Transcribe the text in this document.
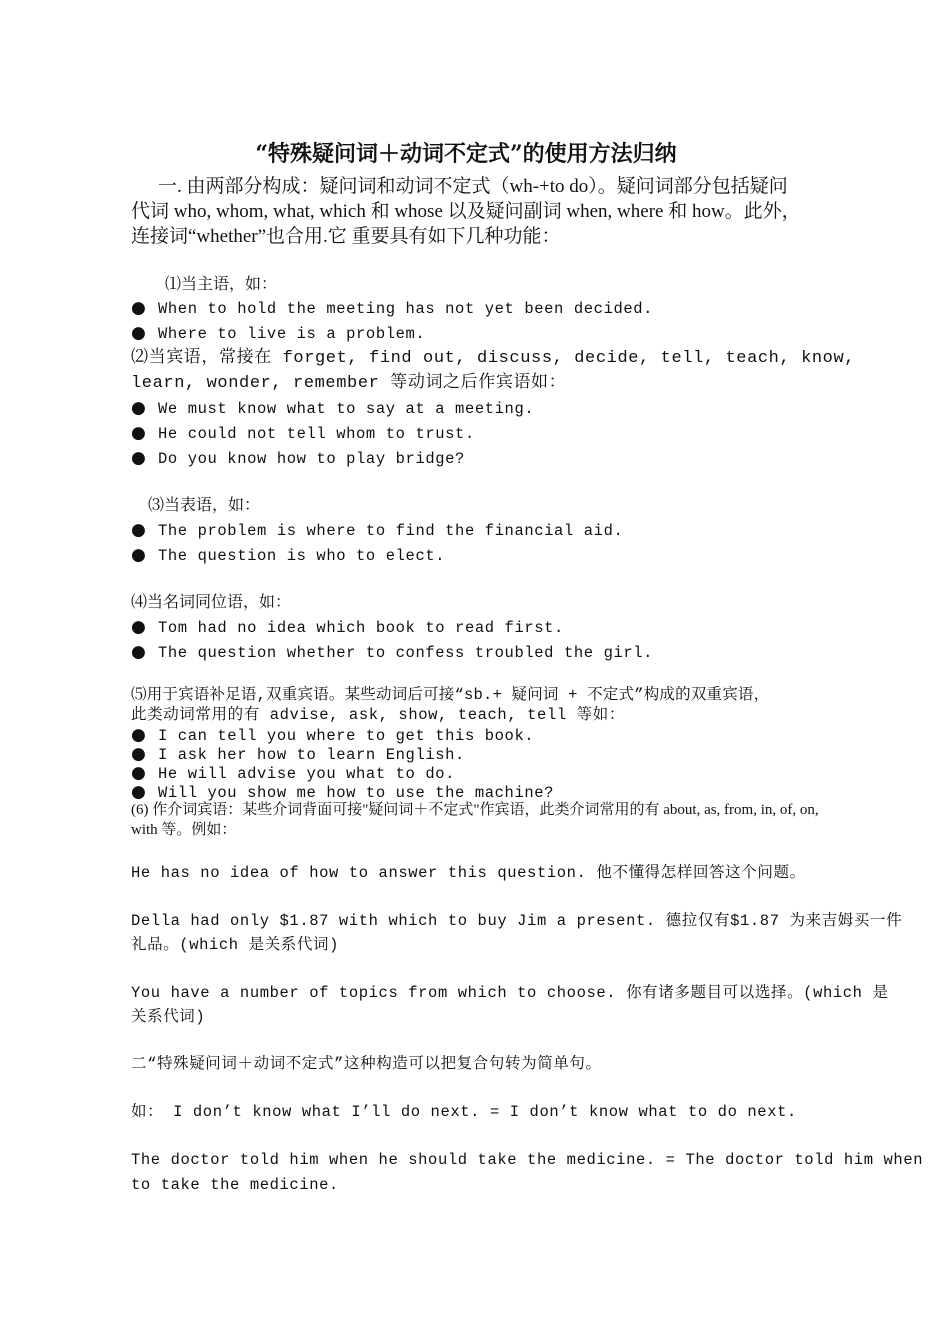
“特殊疑问词＋动词不定式”的使用方法归纳
一. 由两部分构成：疑问词和动词不定式（wh-+to do）。疑问词部分包括疑问
代词 who, whom, what, which 和 whose 以及疑问副词 when, where 和 how。此外，
连接词“whether”也合用.它 重要具有如下几种功能：
⑴当主语，如：
● When to hold the meeting has not yet been decided.
● Where to live is a problem.
⑵当宾语，常接在 forget, find out, discuss, decide, tell, teach, know,
learn, wonder, remember 等动词之后作宾语如：
● We must know what to say at a meeting.
● He could not tell whom to trust.
● Do you know how to play bridge?
⑶当表语，如：
● The problem is where to find the financial aid.
● The question is who to elect.
⑷当名词同位语，如：
● Tom had no idea which book to read first.
● The question whether to confess troubled the girl.
⑸用于宾语补足语,双重宾语。某些动词后可接“sb.+ 疑问词 + 不定式”构成的双重宾语，
此类动词常用的有 advise, ask, show, teach, tell 等如：
● I can tell you where to get this book.
● I ask her how to learn English.
● He will advise you what to do.
● Will you show me how to use the machine?
(6) 作介词宾语：某些介词背面可接"疑问词＋不定式"作宾语，此类介词常用的有 about, as, from, in, of, on,
with 等。例如：
He has no idea of how to answer this question. 他不懂得怎样回答这个问题。
Della had only $1.87 with which to buy Jim a present. 德拉仅有$1.87 为来吉姆买一件
礼品。(which 是关系代词)
You have a number of topics from which to choose. 你有诸多题目可以选择。(which 是
关系代词)
二“特殊疑问词＋动词不定式”这种构造可以把复合句转为简单句。
如： I don’t know what I’ll do next. = I don’t know what to do next.
The doctor told him when he should take the medicine. = The doctor told him when
to take the medicine.
